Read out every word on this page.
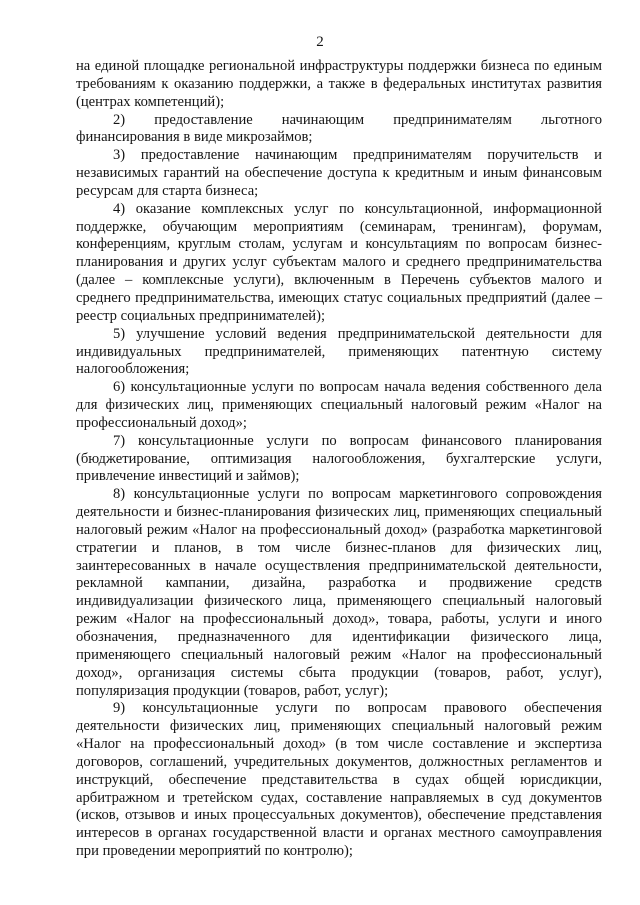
2

на единой площадке региональной инфраструктуры поддержки бизнеса по единым требованиям к оказанию поддержки, а также в федеральных институтах развития (центрах компетенций);

2) предоставление начинающим предпринимателям льготного финансирования в виде микрозаймов;

3) предоставление начинающим предпринимателям поручительств и независимых гарантий на обеспечение доступа к кредитным и иным финансовым ресурсам для старта бизнеса;

4) оказание комплексных услуг по консультационной, информационной поддержке, обучающим мероприятиям (семинарам, тренингам), форумам, конференциям, круглым столам, услугам и консультациям по вопросам бизнес-планирования и других услуг субъектам малого и среднего предпринимательства (далее – комплексные услуги), включенным в Перечень субъектов малого и среднего предпринимательства, имеющих статус социальных предприятий (далее – реестр социальных предпринимателей);

5) улучшение условий ведения предпринимательской деятельности для индивидуальных предпринимателей, применяющих патентную систему налогообложения;

6) консультационные услуги по вопросам начала ведения собственного дела для физических лиц, применяющих специальный налоговый режим «Налог на профессиональный доход»;

7) консультационные услуги по вопросам финансового планирования (бюджетирование, оптимизация налогообложения, бухгалтерские услуги, привлечение инвестиций и займов);

8) консультационные услуги по вопросам маркетингового сопровождения деятельности и бизнес-планирования физических лиц, применяющих специальный налоговый режим «Налог на профессиональный доход» (разработка маркетинговой стратегии и планов, в том числе бизнес-планов для физических лиц, заинтересованных в начале осуществления предпринимательской деятельности, рекламной кампании, дизайна, разработка и продвижение средств индивидуализации физического лица, применяющего специальный налоговый режим «Налог на профессиональный доход», товара, работы, услуги и иного обозначения, предназначенного для идентификации физического лица, применяющего специальный налоговый режим «Налог на профессиональный доход», организация системы сбыта продукции (товаров, работ, услуг), популяризация продукции (товаров, работ, услуг);

9) консультационные услуги по вопросам правового обеспечения деятельности физических лиц, применяющих специальный налоговый режим «Налог на профессиональный доход» (в том числе составление и экспертиза договоров, соглашений, учредительных документов, должностных регламентов и инструкций, обеспечение представительства в судах общей юрисдикции, арбитражном и третейском судах, составление направляемых в суд документов (исков, отзывов и иных процессуальных документов), обеспечение представления интересов в органах государственной власти и органах местного самоуправления при проведении мероприятий по контролю);
